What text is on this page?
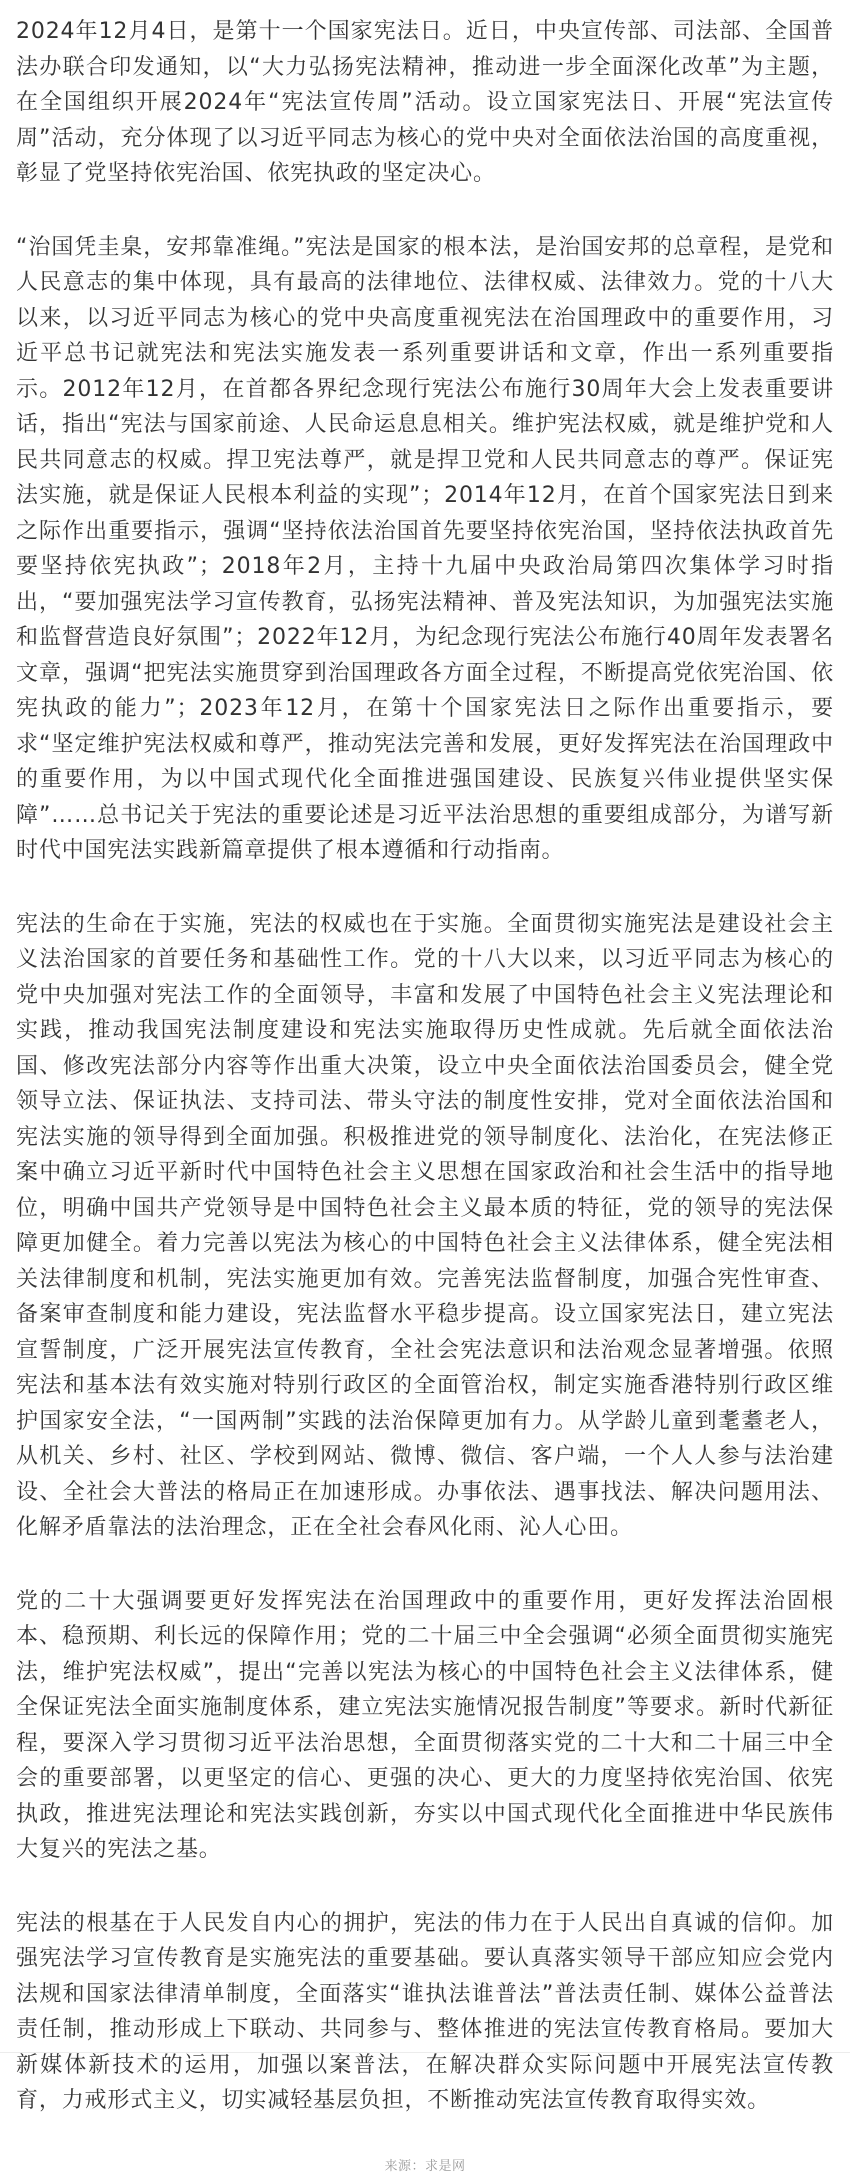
2024年12月4日，是第十一个国家宪法日。近日，中央宣传部、司法部、全国普法办联合印发通知，以“大力弘扬宪法精神，推动进一步全面深化改革”为主题，在全国组织开展2024年“宪法宣传周”活动。设立国家宪法日、开展“宪法宣传周”活动，充分体现了以习近平同志为核心的党中央对全面依法治国的高度重视，彰显了党坚持依宪治国、依宪执政的坚定决心。

“治国凭圭臬，安邦靠准绳。”宪法是国家的根本法，是治国安邦的总章程，是党和人民意志的集中体现，具有最高的法律地位、法律权威、法律效力。党的十八大以来，以习近平同志为核心的党中央高度重视宪法在治国理政中的重要作用，习近平总书记就宪法和宪法实施发表一系列重要讲话和文章，作出一系列重要指示。2012年12月，在首都各界纪念现行宪法公布施行30周年大会上发表重要讲话，指出“宪法与国家前途、人民命运息息相关。维护宪法权威，就是维护党和人民共同意志的权威。捍卫宪法尊严，就是捍卫党和人民共同意志的尊严。保证宪法实施，就是保证人民根本利益的实现”；2014年12月，在首个国家宪法日到来之际作出重要指示，强调“坚持依法治国首先要坚持依宪治国，坚持依法执政首先要坚持依宪执政”；2018年2月，主持十九届中央政治局第四次集体学习时指出，“要加强宪法学习宣传教育，弘扬宪法精神、普及宪法知识，为加强宪法实施和监督营造良好氛围”；2022年12月，为纪念现行宪法公布施行40周年发表署名文章，强调“把宪法实施贯穿到治国理政各方面全过程，不断提高党依宪治国、依宪执政的能力”；2023年12月，在第十个国家宪法日之际作出重要指示，要求“坚定维护宪法权威和尊严，推动宪法完善和发展，更好发挥宪法在治国理政中的重要作用，为以中国式现代化全面推进强国建设、民族复兴伟业提供坚实保障”……总书记关于宪法的重要论述是习近平法治思想的重要组成部分，为谱写新时代中国宪法实践新篇章提供了根本遵循和行动指南。

宪法的生命在于实施，宪法的权威也在于实施。全面贯彻实施宪法是建设社会主义法治国家的首要任务和基础性工作。党的十八大以来，以习近平同志为核心的党中央加强对宪法工作的全面领导，丰富和发展了中国特色社会主义宪法理论和实践，推动我国宪法制度建设和宪法实施取得历史性成就。先后就全面依法治国、修改宪法部分内容等作出重大决策，设立中央全面依法治国委员会，健全党领导立法、保证执法、支持司法、带头守法的制度性安排，党对全面依法治国和宪法实施的领导得到全面加强。积极推进党的领导制度化、法治化，在宪法修正案中确立习近平新时代中国特色社会主义思想在国家政治和社会生活中的指导地位，明确中国共产党领导是中国特色社会主义最本质的特征，党的领导的宪法保障更加健全。着力完善以宪法为核心的中国特色社会主义法律体系，健全宪法相关法律制度和机制，宪法实施更加有效。完善宪法监督制度，加强合宪性审查、备案审查制度和能力建设，宪法监督水平稳步提高。设立国家宪法日，建立宪法宣誓制度，广泛开展宪法宣传教育，全社会宪法意识和法治观念显著增强。依照宪法和基本法有效实施对特别行政区的全面管治权，制定实施香港特别行政区维护国家安全法，“一国两制”实践的法治保障更加有力。从学龄儿童到耄耋老人，从机关、乡村、社区、学校到网站、微博、微信、客户端，一个人人参与法治建设、全社会大普法的格局正在加速形成。办事依法、遇事找法、解决问题用法、化解矛盾靠法的法治理念，正在全社会春风化雨、沁人心田。

党的二十大强调要更好发挥宪法在治国理政中的重要作用，更好发挥法治固根本、稳预期、利长远的保障作用；党的二十届三中全会强调“必须全面贯彻实施宪法，维护宪法权威”，提出“完善以宪法为核心的中国特色社会主义法律体系，健全保证宪法全面实施制度体系，建立宪法实施情况报告制度”等要求。新时代新征程，要深入学习贯彻习近平法治思想，全面贯彻落实党的二十大和二十届三中全会的重要部署，以更坚定的信心、更强的决心、更大的力度坚持依宪治国、依宪执政，推进宪法理论和宪法实践创新，夯实以中国式现代化全面推进中华民族伟大复兴的宪法之基。

宪法的根基在于人民发自内心的拥护，宪法的伟力在于人民出自真诚的信仰。加强宪法学习宣传教育是实施宪法的重要基础。要认真落实领导干部应知应会党内法规和国家法律清单制度，全面落实“谁执法谁普法”普法责任制、媒体公益普法责任制，推动形成上下联动、共同参与、整体推进的宪法宣传教育格局。要加大新媒体新技术的运用，加强以案普法，在解决群众实际问题中开展宪法宣传教育，力戒形式主义，切实减轻基层负担，不断推动宪法宣传教育取得实效。

来源：求是网
